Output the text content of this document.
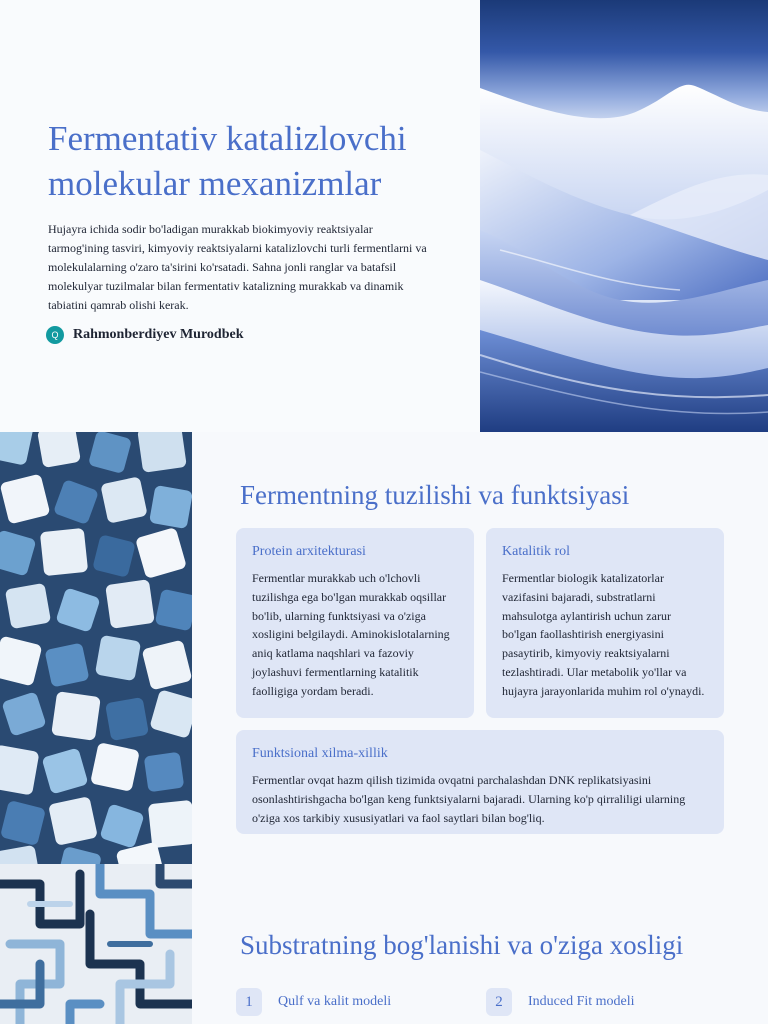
Fermentativ katalizlovchi molekular mexanizmlar

Hujayra ichida sodir bo'ladigan murakkab biokimyoviy reaktsiyalar tarmog'ining tasviri, kimyoviy reaktsiyalarni katalizlovchi turli fermentlarni va molekulalarning o'zaro ta'sirini ko'rsatadi. Sahna jonli ranglar va batafsil molekulyar tuzilmalar bilan fermentativ katalizning murakkab va dinamik tabiatini qamrab olishi kerak.

Q	Rahmonberdiyev Murodbek
Fermentning tuzilishi va funktsiyasi
Protein arxitekturasi

Fermentlar murakkab uch o'lchovli tuzilishga ega bo'lgan murakkab oqsillar bo'lib, ularning funktsiyasi va o'ziga xosligini belgilaydi. Aminokislotalarning aniq katlama naqshlari va fazoviy joylashuvi fermentlarning katalitik faolligiga yordam beradi.

Katalitik rol

Fermentlar biologik katalizatorlar vazifasini bajaradi, substratlarni mahsulotga aylantirish uchun zarur bo'lgan faollashtirish energiyasini pasaytirib, kimyoviy reaktsiyalarni tezlashtiradi. Ular metabolik yo'llar va hujayra jarayonlarida muhim rol o'ynaydi.

Funktsional xilma-xillik

Fermentlar ovqat hazm qilish tizimida ovqatni parchalashdan DNK replikatsiyasini osonlashtirishgacha bo'lgan keng funktsiyalarni bajaradi. Ularning ko'p qirraliligi ularning o'ziga xos tarkibiy xususiyatlari va faol saytlari bilan bog'liq.

Substratning bog'lanishi va o'ziga xosligi
1	Qulf va kalit modeli	2	Induced Fit modeli
